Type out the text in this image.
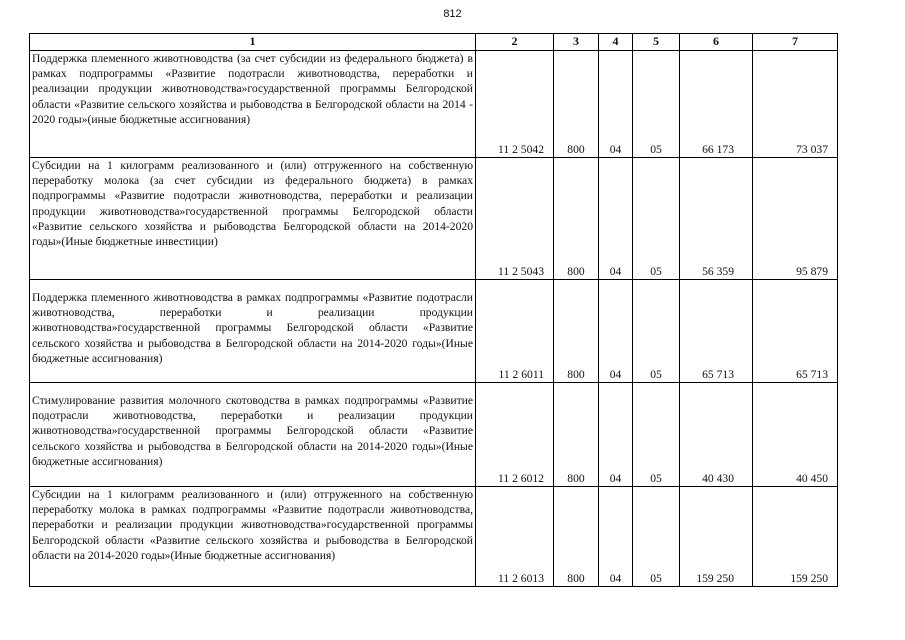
812
1	2	3	4	5	6	7

Поддержка племенного животноводства (за счет субсидии из федерального бюджета) в рамках подпрограммы «Развитие подотрасли животноводства, переработки и реализации продукции животноводства»государственной программы Белгородской области «Развитие сельского хозяйства и рыбоводства в Белгородской области на 2014 - 2020 годы»(иные бюджетные ассигнования)	11 2 5042	800	04	05	66 173	73 037

Субсидии на 1 килограмм реализованного и (или) отгруженного на собственную переработку молока (за счет субсидии из федерального бюджета) в рамках подпрограммы «Развитие подотрасли животноводства, переработки и реализации продукции животноводства»государственной программы Белгородской области «Развитие сельского хозяйства и рыбоводства Белгородской области на 2014-2020 годы»(Иные бюджетные инвестиции)	11 2 5043	800	04	05	56 359	95 879

Поддержка племенного животноводства в рамках подпрограммы «Развитие подотрасли животноводства, переработки и реализации продукции животноводства»государственной программы Белгородской области «Развитие сельского хозяйства и рыбоводства в Белгородской области на 2014-2020 годы»(Иные бюджетные ассигнования)	11 2 6011	800	04	05	65 713	65 713

Стимулирование развития молочного скотоводства в рамках подпрограммы «Развитие подотрасли животноводства, переработки и реализации продукции животноводства»государственной программы Белгородской области «Развитие сельского хозяйства и рыбоводства в Белгородской области на 2014-2020 годы»(Иные бюджетные ассигнования)	11 2 6012	800	04	05	40 430	40 450

Субсидии на 1 килограмм реализованного и (или) отгруженного на собственную переработку молока в рамках подпрограммы «Развитие подотрасли животноводства, переработки и реализации продукции животноводства»государственной программы Белгородской области «Развитие сельского хозяйства и рыбоводства в Белгородской области на 2014-2020 годы»(Иные бюджетные ассигнования)	11 2 6013	800	04	05	159 250	159 250
